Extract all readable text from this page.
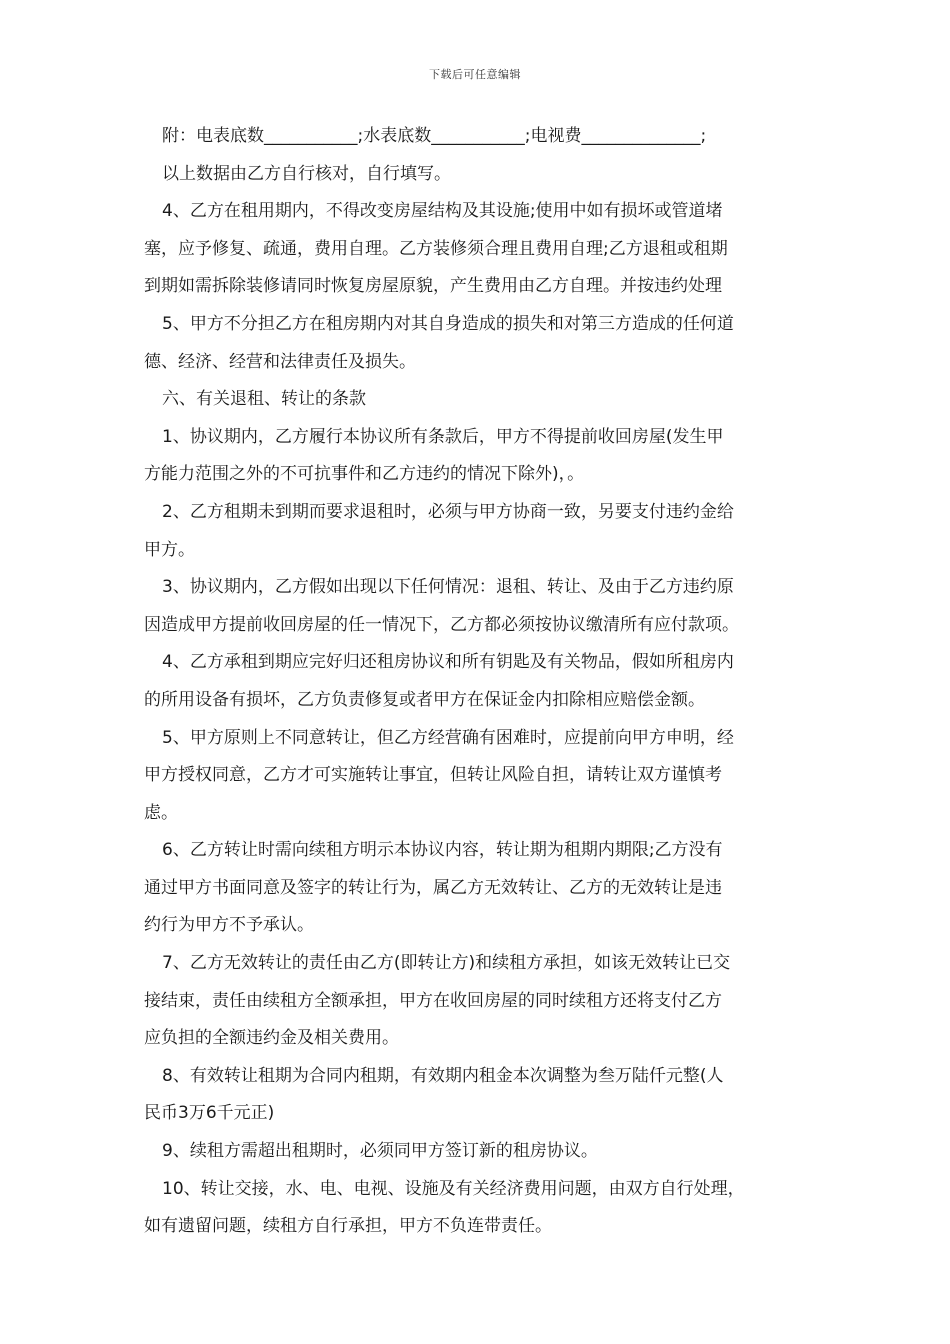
下载后可任意编辑
附：电表底数___________;水表底数___________;电视费______________;
以上数据由乙方自行核对，自行填写。
4、乙方在租用期内，不得改变房屋结构及其设施;使用中如有损坏或管道堵
塞，应予修复、疏通，费用自理。乙方装修须合理且费用自理;乙方退租或租期
到期如需拆除装修请同时恢复房屋原貌，产生费用由乙方自理。并按违约处理
5、甲方不分担乙方在租房期内对其自身造成的损失和对第三方造成的任何道
德、经济、经营和法律责任及损失。
六、有关退租、转让的条款
1、协议期内，乙方履行本协议所有条款后，甲方不得提前收回房屋(发生甲
方能力范围之外的不可抗事件和乙方违约的情况下除外)，。
2、乙方租期未到期而要求退租时，必须与甲方协商一致，另要支付违约金给
甲方。
3、协议期内，乙方假如出现以下任何情况：退租、转让、及由于乙方违约原
因造成甲方提前收回房屋的任一情况下，乙方都必须按协议缴清所有应付款项。
4、乙方承租到期应完好归还租房协议和所有钥匙及有关物品，假如所租房内
的所用设备有损坏，乙方负责修复或者甲方在保证金内扣除相应赔偿金额。
5、甲方原则上不同意转让，但乙方经营确有困难时，应提前向甲方申明，经
甲方授权同意，乙方才可实施转让事宜，但转让风险自担，请转让双方谨慎考
虑。
6、乙方转让时需向续租方明示本协议内容，转让期为租期内期限;乙方没有
通过甲方书面同意及签字的转让行为，属乙方无效转让、乙方的无效转让是违
约行为甲方不予承认。
7、乙方无效转让的责任由乙方(即转让方)和续租方承担，如该无效转让已交
接结束，责任由续租方全额承担，甲方在收回房屋的同时续租方还将支付乙方
应负担的全额违约金及相关费用。
8、有效转让租期为合同内租期，有效期内租金本次调整为叁万陆仟元整(人
民币3万6千元正)
9、续租方需超出租期时，必须同甲方签订新的租房协议。
10、转让交接，水、电、电视、设施及有关经济费用问题，由双方自行处理，
如有遗留问题，续租方自行承担，甲方不负连带责任。
